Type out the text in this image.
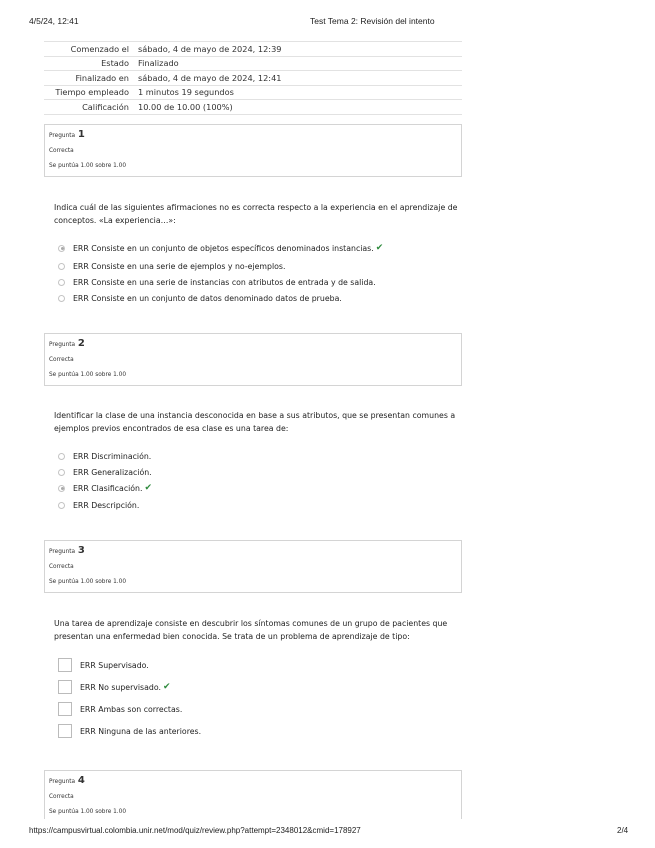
4/5/24, 12:41	Test Tema 2: Revisión del intento
Comenzado el	sábado, 4 de mayo de 2024, 12:39
Estado	Finalizado
Finalizado en	sábado, 4 de mayo de 2024, 12:41
Tiempo empleado	1 minutos 19 segundos
Calificación	10.00 de 10.00 (100%)
Pregunta 1
Correcta
Se puntúa 1.00 sobre 1.00
Indica cuál de las siguientes afirmaciones no es correcta respecto a la experiencia en el aprendizaje de conceptos. «La experiencia…»:
ERR Consiste en un conjunto de objetos específicos denominados instancias. ✔
ERR Consiste en una serie de ejemplos y no-ejemplos.
ERR Consiste en una serie de instancias con atributos de entrada y de salida.
ERR Consiste en un conjunto de datos denominado datos de prueba.
Pregunta 2
Correcta
Se puntúa 1.00 sobre 1.00
Identificar la clase de una instancia desconocida en base a sus atributos, que se presentan comunes a ejemplos previos encontrados de esa clase es una tarea de:
ERR Discriminación.
ERR Generalización.
ERR Clasificación. ✔
ERR Descripción.
Pregunta 3
Correcta
Se puntúa 1.00 sobre 1.00
Una tarea de aprendizaje consiste en descubrir los síntomas comunes de un grupo de pacientes que presentan una enfermedad bien conocida. Se trata de un problema de aprendizaje de tipo:
ERR Supervisado.
ERR No supervisado. ✔
ERR Ambas son correctas.
ERR Ninguna de las anteriores.
Pregunta 4
Correcta
Se puntúa 1.00 sobre 1.00
https://campusvirtual.colombia.unir.net/mod/quiz/review.php?attempt=2348012&cmid=178927	2/4
